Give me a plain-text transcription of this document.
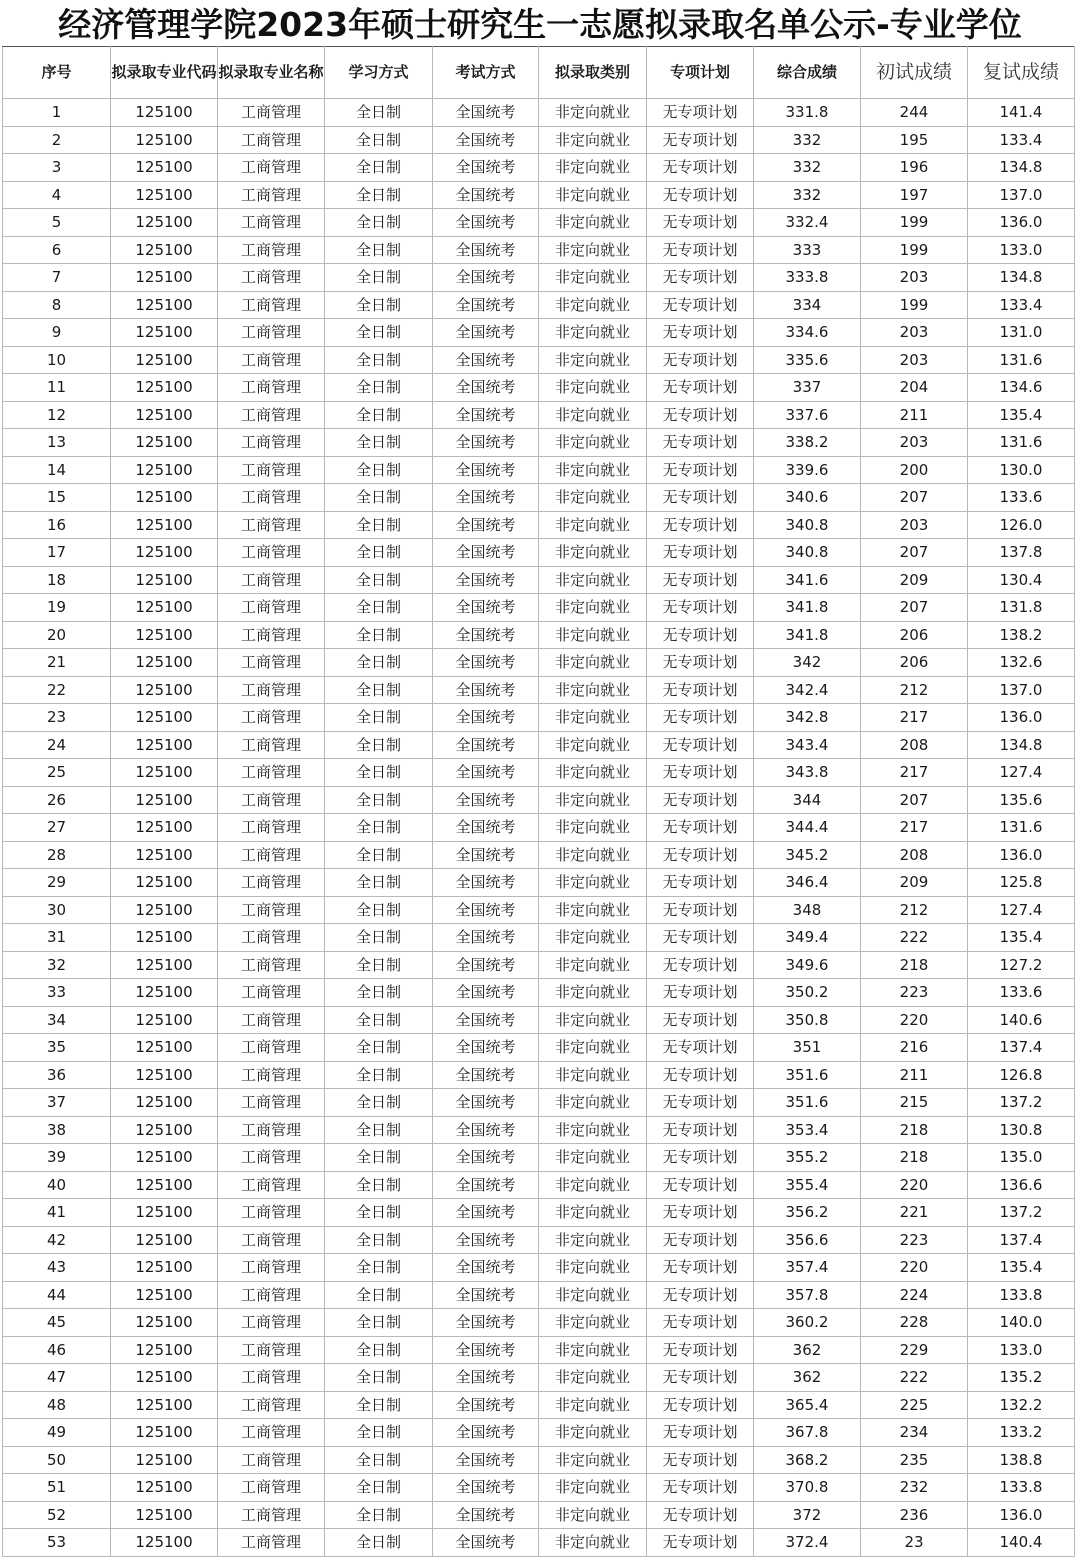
经济管理学院2023年硕士研究生一志愿拟录取名单公示-专业学位
序号	拟录取专业代码	拟录取专业名称	学习方式	考试方式	拟录取类别	专项计划	综合成绩	初试成绩	复试成绩
1	125100	工商管理	全日制	全国统考	非定向就业	无专项计划	331.8	244	141.4
2	125100	工商管理	全日制	全国统考	非定向就业	无专项计划	332	195	133.4
3	125100	工商管理	全日制	全国统考	非定向就业	无专项计划	332	196	134.8
4	125100	工商管理	全日制	全国统考	非定向就业	无专项计划	332	197	137.0
5	125100	工商管理	全日制	全国统考	非定向就业	无专项计划	332.4	199	136.0
6	125100	工商管理	全日制	全国统考	非定向就业	无专项计划	333	199	133.0
7	125100	工商管理	全日制	全国统考	非定向就业	无专项计划	333.8	203	134.8
8	125100	工商管理	全日制	全国统考	非定向就业	无专项计划	334	199	133.4
9	125100	工商管理	全日制	全国统考	非定向就业	无专项计划	334.6	203	131.0
10	125100	工商管理	全日制	全国统考	非定向就业	无专项计划	335.6	203	131.6
11	125100	工商管理	全日制	全国统考	非定向就业	无专项计划	337	204	134.6
12	125100	工商管理	全日制	全国统考	非定向就业	无专项计划	337.6	211	135.4
13	125100	工商管理	全日制	全国统考	非定向就业	无专项计划	338.2	203	131.6
14	125100	工商管理	全日制	全国统考	非定向就业	无专项计划	339.6	200	130.0
15	125100	工商管理	全日制	全国统考	非定向就业	无专项计划	340.6	207	133.6
16	125100	工商管理	全日制	全国统考	非定向就业	无专项计划	340.8	203	126.0
17	125100	工商管理	全日制	全国统考	非定向就业	无专项计划	340.8	207	137.8
18	125100	工商管理	全日制	全国统考	非定向就业	无专项计划	341.6	209	130.4
19	125100	工商管理	全日制	全国统考	非定向就业	无专项计划	341.8	207	131.8
20	125100	工商管理	全日制	全国统考	非定向就业	无专项计划	341.8	206	138.2
21	125100	工商管理	全日制	全国统考	非定向就业	无专项计划	342	206	132.6
22	125100	工商管理	全日制	全国统考	非定向就业	无专项计划	342.4	212	137.0
23	125100	工商管理	全日制	全国统考	非定向就业	无专项计划	342.8	217	136.0
24	125100	工商管理	全日制	全国统考	非定向就业	无专项计划	343.4	208	134.8
25	125100	工商管理	全日制	全国统考	非定向就业	无专项计划	343.8	217	127.4
26	125100	工商管理	全日制	全国统考	非定向就业	无专项计划	344	207	135.6
27	125100	工商管理	全日制	全国统考	非定向就业	无专项计划	344.4	217	131.6
28	125100	工商管理	全日制	全国统考	非定向就业	无专项计划	345.2	208	136.0
29	125100	工商管理	全日制	全国统考	非定向就业	无专项计划	346.4	209	125.8
30	125100	工商管理	全日制	全国统考	非定向就业	无专项计划	348	212	127.4
31	125100	工商管理	全日制	全国统考	非定向就业	无专项计划	349.4	222	135.4
32	125100	工商管理	全日制	全国统考	非定向就业	无专项计划	349.6	218	127.2
33	125100	工商管理	全日制	全国统考	非定向就业	无专项计划	350.2	223	133.6
34	125100	工商管理	全日制	全国统考	非定向就业	无专项计划	350.8	220	140.6
35	125100	工商管理	全日制	全国统考	非定向就业	无专项计划	351	216	137.4
36	125100	工商管理	全日制	全国统考	非定向就业	无专项计划	351.6	211	126.8
37	125100	工商管理	全日制	全国统考	非定向就业	无专项计划	351.6	215	137.2
38	125100	工商管理	全日制	全国统考	非定向就业	无专项计划	353.4	218	130.8
39	125100	工商管理	全日制	全国统考	非定向就业	无专项计划	355.2	218	135.0
40	125100	工商管理	全日制	全国统考	非定向就业	无专项计划	355.4	220	136.6
41	125100	工商管理	全日制	全国统考	非定向就业	无专项计划	356.2	221	137.2
42	125100	工商管理	全日制	全国统考	非定向就业	无专项计划	356.6	223	137.4
43	125100	工商管理	全日制	全国统考	非定向就业	无专项计划	357.4	220	135.4
44	125100	工商管理	全日制	全国统考	非定向就业	无专项计划	357.8	224	133.8
45	125100	工商管理	全日制	全国统考	非定向就业	无专项计划	360.2	228	140.0
46	125100	工商管理	全日制	全国统考	非定向就业	无专项计划	362	229	133.0
47	125100	工商管理	全日制	全国统考	非定向就业	无专项计划	362	222	135.2
48	125100	工商管理	全日制	全国统考	非定向就业	无专项计划	365.4	225	132.2
49	125100	工商管理	全日制	全国统考	非定向就业	无专项计划	367.8	234	133.2
50	125100	工商管理	全日制	全国统考	非定向就业	无专项计划	368.2	235	138.8
51	125100	工商管理	全日制	全国统考	非定向就业	无专项计划	370.8	232	133.8
52	125100	工商管理	全日制	全国统考	非定向就业	无专项计划	372	236	136.0
53	125100	工商管理	全日制	全国统考	非定向就业	无专项计划	372.4	23	140.4
